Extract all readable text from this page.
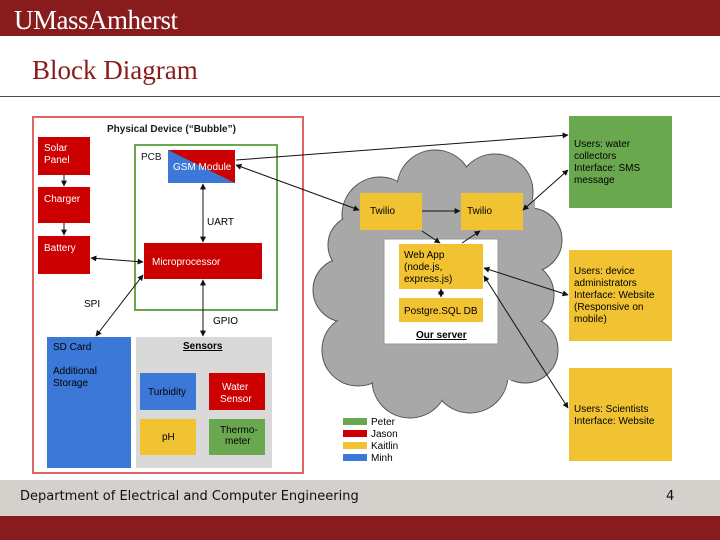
UMassAmherst
Block Diagram
Physical Device (“Bubble”)
PCB
Solar
Panel
Charger
Battery
GSM Module
UART
Microprocessor
SPI
GPIO
SD Card
Additional
Storage
Sensors
Turbidity	Water
Sensor
pH
Thermo-
meter
Twilio	Twilio
Web App
(node.js,
express.js)
Postgre.SQL DB
Our server
Users: water
collectors
Interface: SMS
message
Users: device
administrators
Interface: Website
(Responsive on
mobile)
Users: Scientists
Interface: Website
Peter
Jason
Kaitlin
Minh
Department of Electrical and Computer Engineering	4
